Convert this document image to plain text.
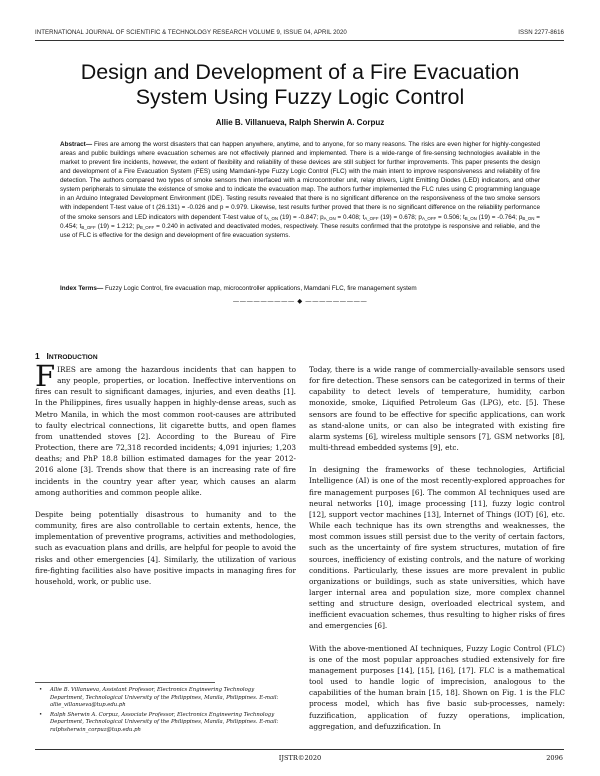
INTERNATIONAL JOURNAL OF SCIENTIFIC & TECHNOLOGY RESEARCH VOLUME 9, ISSUE 04, APRIL 2020	ISSN 2277-8616
Design and Development of a Fire Evacuation
System Using Fuzzy Logic Control
Allie B. Villanueva, Ralph Sherwin A. Corpuz
Abstract— Fires are among the worst disasters that can happen anywhere, anytime, and to anyone, for so many reasons. The risks are even higher for highly-congested areas and public buildings where evacuation schemes are not effectively planned and implemented. There is a wide-range of fire-sensing technologies available in the market to prevent fire incidents, however, the extent of flexibility and reliability of these devices are still subject for further improvements. This paper presents the design and development of a Fire Evacuation System (FES) using Mamdani-type Fuzzy Logic Control (FLC) with the main intent to improve responsiveness and reliability of fire detection. The authors compared two types of smoke sensors then interfaced with a microcontroller unit, relay drivers, Light Emitting Diodes (LED) indicators, and other system peripherals to simulate the existence of smoke and to indicate the evacuation map. The authors further implemented the FLC rules using C programming language in an Arduino Integrated Development Environment (IDE). Testing results revealed that there is no significant difference on the responsiveness of the two smoke sensors with independent T-test value of t (26.131) = -0.026 and p = 0.979. Likewise, test results further proved that there is no significant difference on the reliability performance of the smoke sensors and LED indicators with dependent T-test value of $t_{A\_ON}$ (19) = -0.847; $p_{A\_ON} = 0.408$; $t_{A\_OFF}$ (19) = 0.678; $p_{A\_OFF} = 0.506$; $t_{B\_ON}$ (19) = -0.764; $p_{B\_ON} = 0.454$; $t_{B\_OFF}$ (19) = 1.212; $p_{B\_OFF} = 0.240$ in activated and deactivated modes, respectively. These results confirmed that the prototype is responsive and reliable, and the use of FLC is effective for the design and development of fire evacuation systems.
Index Terms— Fuzzy Logic Control, fire evacuation map, microcontroller applications, Mamdani FLC, fire management system
————————— ◆ —————————
1 INTRODUCTION

FIRES are among the hazardous incidents that can happen to any people, properties, or location. Ineffective interventions on fires can result to significant damages, injuries, and even deaths [1]. In the Philippines, fires usually happen in highly-dense areas, such as Metro Manila, in which the most common root-causes are attributed to faulty electrical connections, lit cigarette butts, and open flames from unattended stoves [2]. According to the Bureau of Fire Protection, there are 72,318 recorded incidents; 4,091 injuries; 1,203 deaths; and PhP 18.8 billion estimated damages for the year 2012-2016 alone [3]. Trends show that there is an increasing rate of fire incidents in the country year after year, which causes an alarm among authorities and common people alike.

Despite being potentially disastrous to humanity and to the community, fires are also controllable to certain extents, hence, the implementation of preventive programs, activities and methodologies, such as evacuation plans and drills, are helpful for people to avoid the risks and other emergencies [4]. Similarly, the utilization of various fire-fighting facilities also have positive impacts in managing fires for household, work, or public use.

Today, there is a wide range of commercially-available sensors used for fire detection. These sensors can be categorized in terms of their capability to detect levels of temperature, humidity, carbon monoxide, smoke, Liquified Petroleum Gas (LPG), etc. [5]. These sensors are found to be effective for specific applications, can work as stand-alone units, or can also be integrated with existing fire alarm systems [6], wireless multiple sensors [7], GSM networks [8], multi-thread embedded systems [9], etc.

In designing the frameworks of these technologies, Artificial Intelligence (AI) is one of the most recently-explored approaches for fire management purposes [6]. The common AI techniques used are neural networks [10], image processing [11], fuzzy logic control [12], support vector machines [13], Internet of Things (IOT) [6], etc. While each technique has its own strengths and weaknesses, the most common issues still persist due to the verity of certain factors, such as the uncertainty of fire system structures, mutation of fire sources, inefficiency of existing controls, and the nature of working conditions. Particularly, these issues are more prevalent in public organizations or buildings, such as state universities, which have larger internal area and population size, more complex channel setting and structure design, overloaded electrical system, and inefficient evacuation schemes, thus resulting to higher risks of fires and emergencies [6].

With the above-mentioned AI techniques, Fuzzy Logic Control (FLC) is one of the most popular approaches studied extensively for fire management purposes [14], [15], [16], [17]. FLC is a mathematical tool used to handle logic of imprecision, analogous to the capabilities of the human brain [15, 18]. Shown on Fig. 1 is the FLC process model, which has five basic sub-processes, namely: fuzzification, application of fuzzy operations, implication, aggregation, and defuzzification. In

• Allie B. Villanueva, Assistant Professor, Electronics Engineering Technology Department, Technological University of the Philippines, Manila, Philippines. E-mail: allie_villanueva@tup.edu.ph
• Ralph Sherwin A. Corpuz, Associate Professor, Electronics Engineering Technology Department, Technological University of the Philippines, Manila, Philippines. E-mail: ralphsherwin_corpuz@tup.edu.ph
IJSTR©2020	2096
